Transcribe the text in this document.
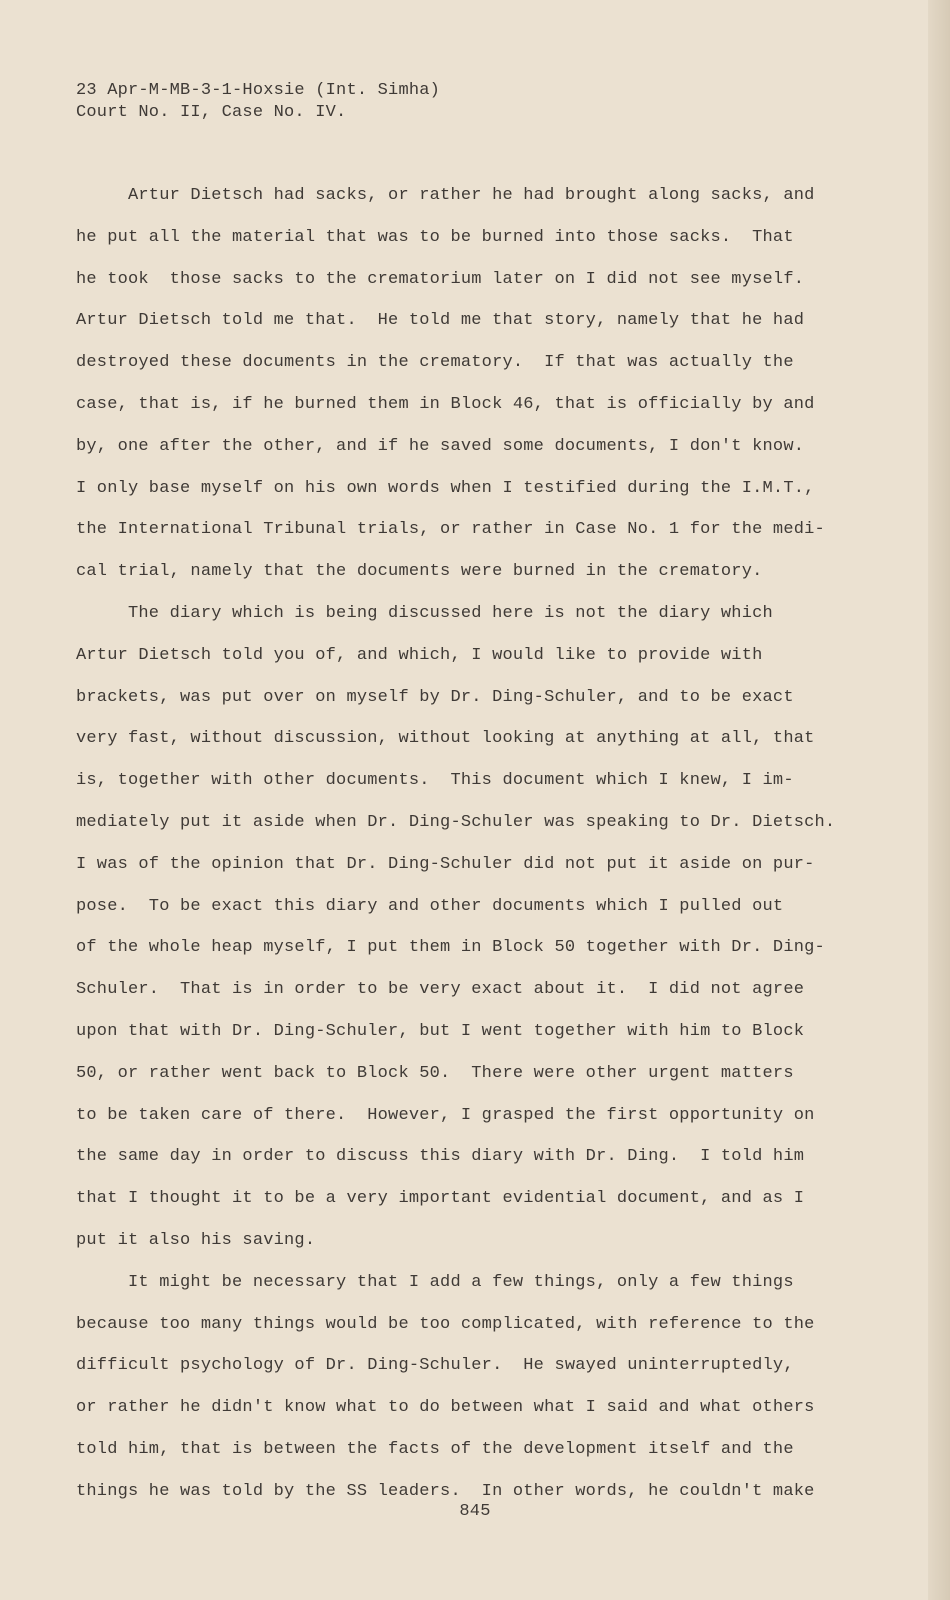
23 Apr-M-MB-3-1-Hoxsie (Int. Simha)
Court No. II, Case No. IV.
Artur Dietsch had sacks, or rather he had brought along sacks, and
he put all the material that was to be burned into those sacks.  That
he took  those sacks to the crematorium later on I did not see myself.
Artur Dietsch told me that.  He told me that story, namely that he had
destroyed these documents in the crematory.  If that was actually the
case, that is, if he burned them in Block 46, that is officially by and
by, one after the other, and if he saved some documents, I don't know.
I only base myself on his own words when I testified during the I.M.T.,
the International Tribunal trials, or rather in Case No. 1 for the medi-
cal trial, namely that the documents were burned in the crematory.
The diary which is being discussed here is not the diary which
Artur Dietsch told you of, and which, I would like to provide with
brackets, was put over on myself by Dr. Ding-Schuler, and to be exact
very fast, without discussion, without looking at anything at all, that
is, together with other documents.  This document which I knew, I im-
mediately put it aside when Dr. Ding-Schuler was speaking to Dr. Dietsch.
I was of the opinion that Dr. Ding-Schuler did not put it aside on pur-
pose.  To be exact this diary and other documents which I pulled out
of the whole heap myself, I put them in Block 50 together with Dr. Ding-
Schuler.  That is in order to be very exact about it.  I did not agree
upon that with Dr. Ding-Schuler, but I went together with him to Block
50, or rather went back to Block 50.  There were other urgent matters
to be taken care of there.  However, I grasped the first opportunity on
the same day in order to discuss this diary with Dr. Ding.  I told him
that I thought it to be a very important evidential document, and as I
put it also his saving.
It might be necessary that I add a few things, only a few things
because too many things would be too complicated, with reference to the
difficult psychology of Dr. Ding-Schuler.  He swayed uninterruptedly,
or rather he didn't know what to do between what I said and what others
told him, that is between the facts of the development itself and the
things he was told by the SS leaders.  In other words, he couldn't make
845
